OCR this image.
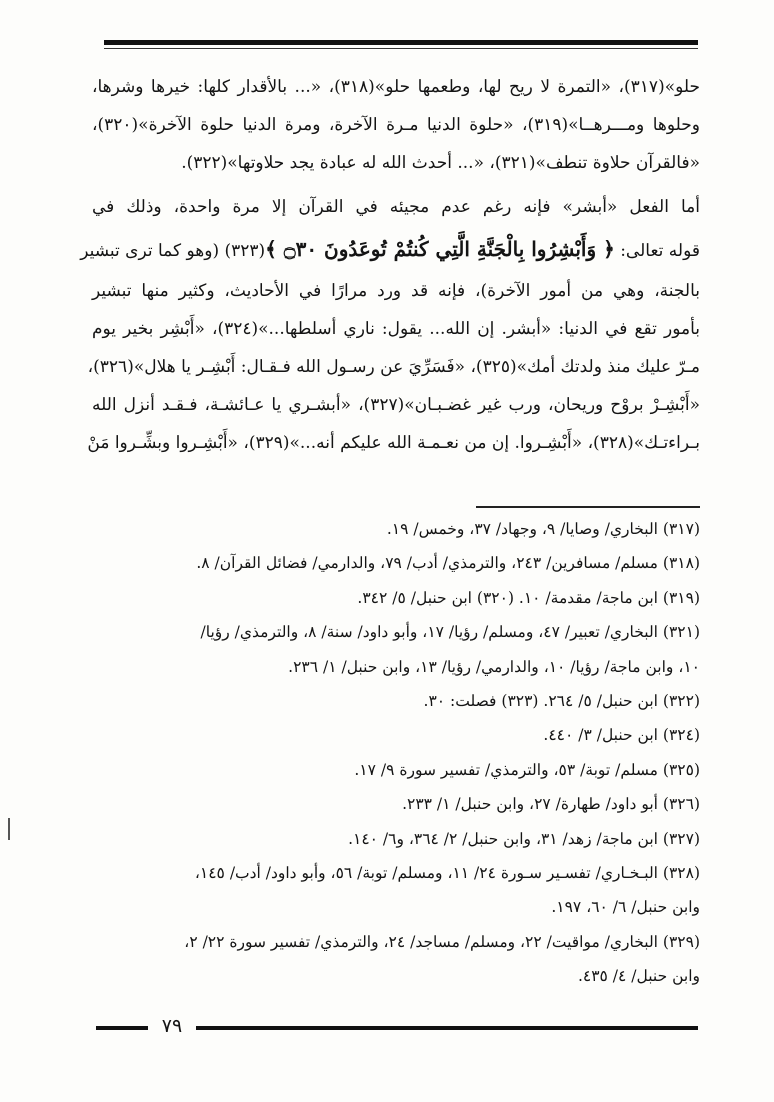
حلو»(٣١٧)، «التمرة لا ريح لها، وطعمها حلو»(٣١٨)، «... بالأقدار كلها: خيرها وشرها،
وحلوها ومـــرهــا»(٣١٩)، «حلوة الدنيا مـرة الآخرة، ومرة الدنيا حلوة الآخرة»(٣٢٠)،
«فالقرآن حلاوة تنطف»(٣٢١)، «... أحدث الله له عبادة يجد حلاوتها»(٣٢٢).
أما الفعل «أبشر» فإنه رغم عدم مجيئه في القرآن إلا مرة واحدة، وذلك في
قوله تعالى: ﴿ وَأَبْشِرُوا بِالْجَنَّةِ الَّتِي كُنتُمْ تُوعَدُونَ ۝٣٠ ﴾(٣٢٣) (وهو كما ترى تبشير
بالجنة، وهي من أمور الآخرة)، فإنه قد ورد مرارًا في الأحاديث، وكثير منها تبشير
بأمور تقع في الدنيا: «أبشر. إن الله... يقول: ناري أسلطها...»(٣٢٤)، «أَبْشِر بخير يوم
مـرّ عليك منذ ولدتك أمك»(٣٢٥)، «فَسَرِّيَ عن رسـول الله فـقـال: أَبْشِـر يا هلال»(٣٢٦)،
«أَبْشِـرْ بروْح وريحان، ورب غير غضـبـان»(٣٢٧)، «أبشـري يا عـائشـة، فـقـد أنزل الله
بـراءتـك»(٣٢٨)، «أَبْشِـروا. إن من نعـمـة الله عليكم أنه...»(٣٢٩)، «أَبْشِـروا وبشِّـروا مَنْ
(٣١٧) البخاري/ وصايا/ ٩، وجهاد/ ٣٧، وخمس/ ١٩.
(٣١٨) مسلم/ مسافرين/ ٢٤٣، والترمذي/ أدب/ ٧٩، والدارمي/ فضائل القرآن/ ٨.
(٣١٩) ابن ماجة/ مقدمة/ ١٠. (٣٢٠) ابن حنبل/ ٥/ ٣٤٢.
(٣٢١) البخاري/ تعبير/ ٤٧، ومسلم/ رؤيا/ ١٧، وأبو داود/ سنة/ ٨، والترمذي/ رؤيا/
١٠، وابن ماجة/ رؤيا/ ١٠، والدارمي/ رؤيا/ ١٣، وابن حنبل/ ١/ ٢٣٦.
(٣٢٢) ابن حنبل/ ٥/ ٢٦٤. (٣٢٣) فصلت: ٣٠.
(٣٢٤) ابن حنبل/ ٣/ ٤٤٠.
(٣٢٥) مسلم/ توبة/ ٥٣، والترمذي/ تفسير سورة ٩/ ١٧.
(٣٢٦) أبو داود/ طهارة/ ٢٧، وابن حنبل/ ١/ ٢٣٣.
(٣٢٧) ابن ماجة/ زهد/ ٣١، وابن حنبل/ ٢/ ٣٦٤، و٦/ ١٤٠.
(٣٢٨) البـخـاري/ تفسـير سـورة ٢٤/ ١١، ومسلم/ توبة/ ٥٦، وأبو داود/ أدب/ ١٤٥،
وابن حنبل/ ٦/ ٦٠، ١٩٧.
(٣٢٩) البخاري/ مواقيت/ ٢٢، ومسلم/ مساجد/ ٢٤، والترمذي/ تفسير سورة ٢٢/ ٢،
وابن حنبل/ ٤/ ٤٣٥.
٧٩
